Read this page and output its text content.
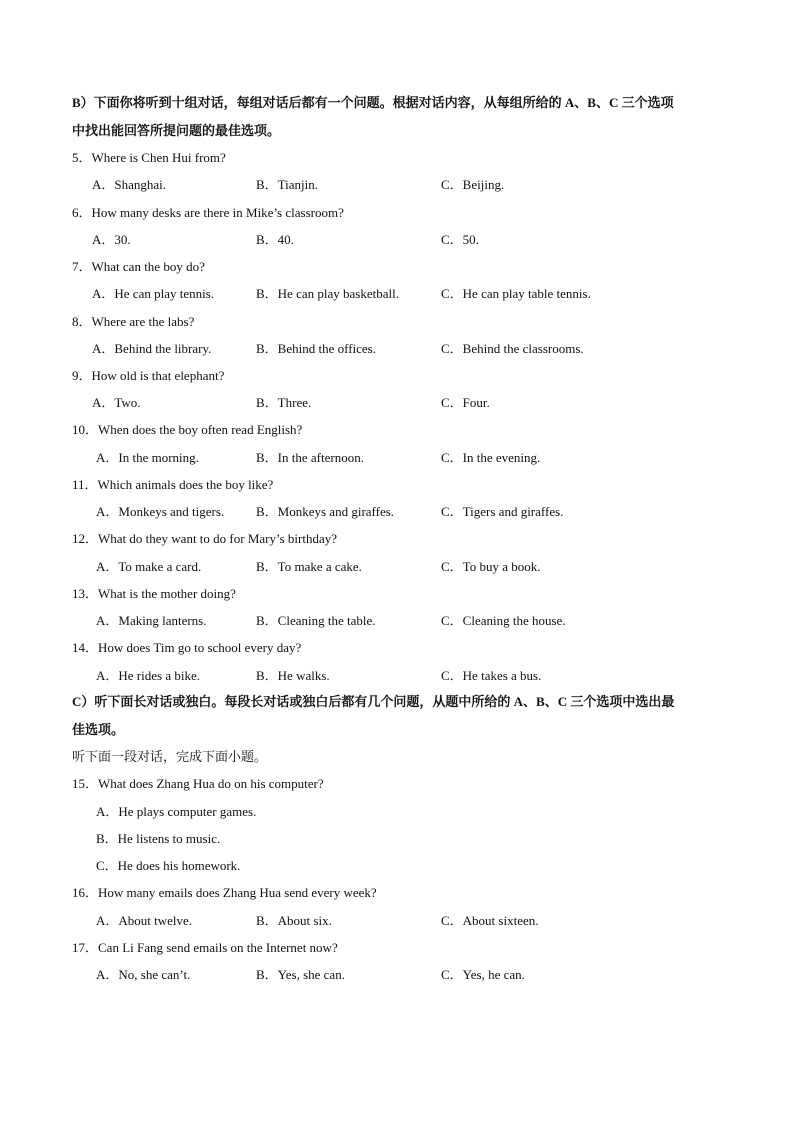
B）下面你将听到十组对话，每组对话后都有一个问题。根据对话内容，从每组所给的 A、B、C 三个选项
中找出能回答所提问题的最佳选项。
5．Where is Chen Hui from?
A．Shanghai.	B．Tianjin.	C．Beijing.
6．How many desks are there in Mike’s classroom?
A．30.	B．40.	C．50.
7．What can the boy do?
A．He can play tennis.	B．He can play basketball.	C．He can play table tennis.
8．Where are the labs?
A．Behind the library.	B．Behind the offices.	C．Behind the classrooms.
9．How old is that elephant?
A．Two.	B．Three.	C．Four.
10．When does the boy often read English?
A．In the morning.	B．In the afternoon.	C．In the evening.
11．Which animals does the boy like?
A．Monkeys and tigers. B．Monkeys and giraffes.	C．Tigers and giraffes.
12．What do they want to do for Mary’s birthday?
A．To make a card.	B．To make a cake.	C．To buy a book.
13．What is the mother doing?
A．Making lanterns.	B．Cleaning the table.	C．Cleaning the house.
14．How does Tim go to school every day?
A．He rides a bike.	B．He walks.	C．He takes a bus.
C）听下面长对话或独白。每段长对话或独白后都有几个问题，从题中所给的 A、B、C 三个选项中选出最
佳选项。
听下面一段对话，完成下面小题。
15．What does Zhang Hua do on his computer?
A．He plays computer games.
B．He listens to music.
C．He does his homework.
16．How many emails does Zhang Hua send every week?
A．About twelve.	B．About six.	C．About sixteen.
17．Can Li Fang send emails on the Internet now?
A．No, she can’t.	B．Yes, she can.	C．Yes, he can.
